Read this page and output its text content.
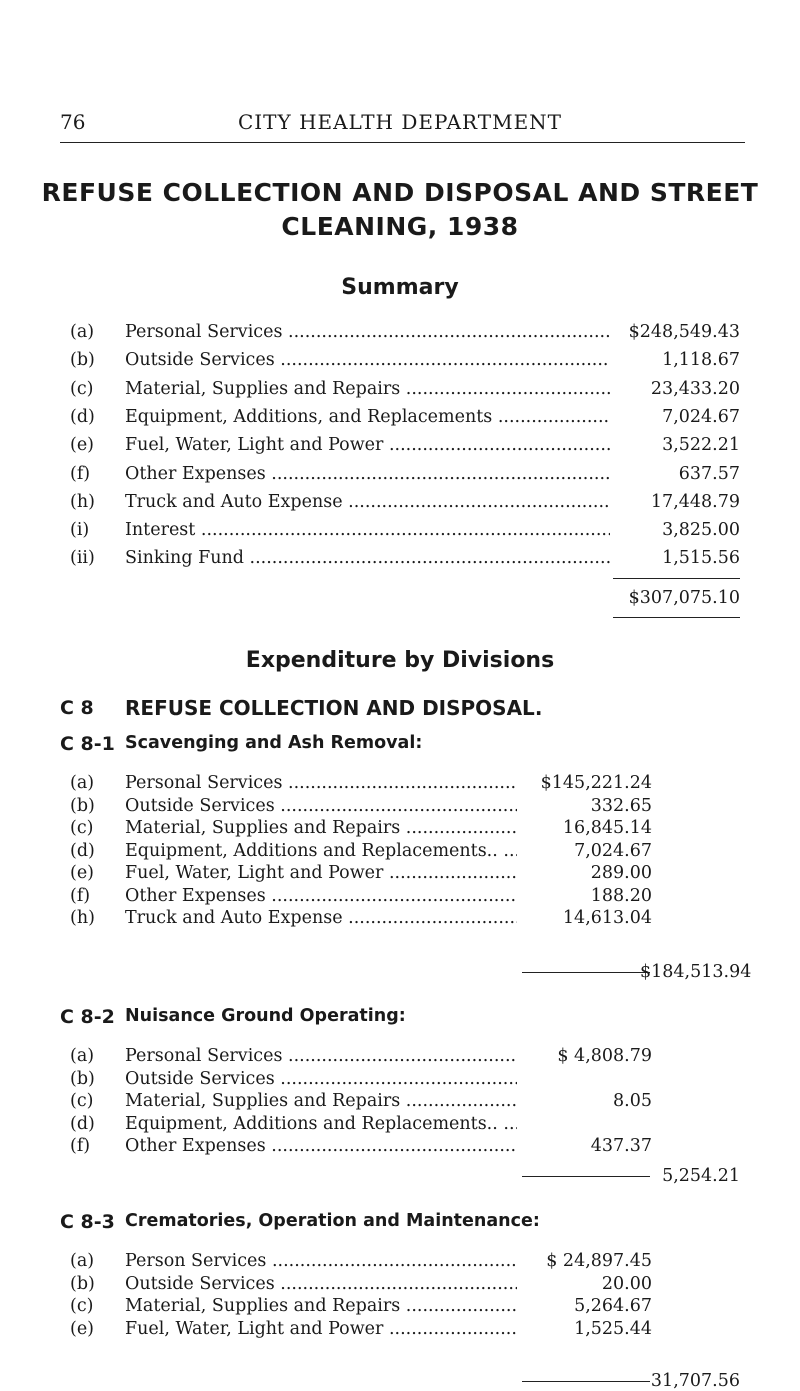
76	CITY HEALTH DEPARTMENT
REFUSE COLLECTION AND DISPOSAL AND STREET
CLEANING, 1938
Summary
(a) Personal Services .....	$248,549.43
(b) Outside Services .....	1,118.67
(c) Material, Supplies and Repairs .....	23,433.20
(d) Equipment, Additions, and Replacements .....	7,024.67
(e) Fuel, Water, Light and Power .....	3,522.21
(f) Other Expenses .....	637.57
(h) Truck and Auto Expense .....	17,448.79
(i) Interest .....	3,825.00
(ii) Sinking Fund .....	1,515.56
$307,075.10
Expenditure by Divisions
C 8 REFUSE COLLECTION AND DISPOSAL.
C 8-1 Scavenging and Ash Removal:
(a) Personal Services .....	$145,221.24
(b) Outside Services .....	332.65
(c) Material, Supplies and Repairs .....	16,845.14
(d) Equipment, Additions and Replacements.. .....	7,024.67
(e) Fuel, Water, Light and Power .....	289.00
(f) Other Expenses .....	188.20
(h) Truck and Auto Expense .....	14,613.04
$184,513.94
C 8-2 Nuisance Ground Operating:
(a) Personal Services .....	$ 4,808.79
(b) Outside Services .....
(c) Material, Supplies and Repairs .....	8.05
(d) Equipment, Additions and Replacements.. .....
(f) Other Expenses .....	437.37
5,254.21
C 8-3 Crematories, Operation and Maintenance:
(a) Person Services .....	$ 24,897.45
(b) Outside Services .....	20.00
(c) Material, Supplies and Repairs .....	5,264.67
(e) Fuel, Water, Light and Power .....	1,525.44
31,707.56
